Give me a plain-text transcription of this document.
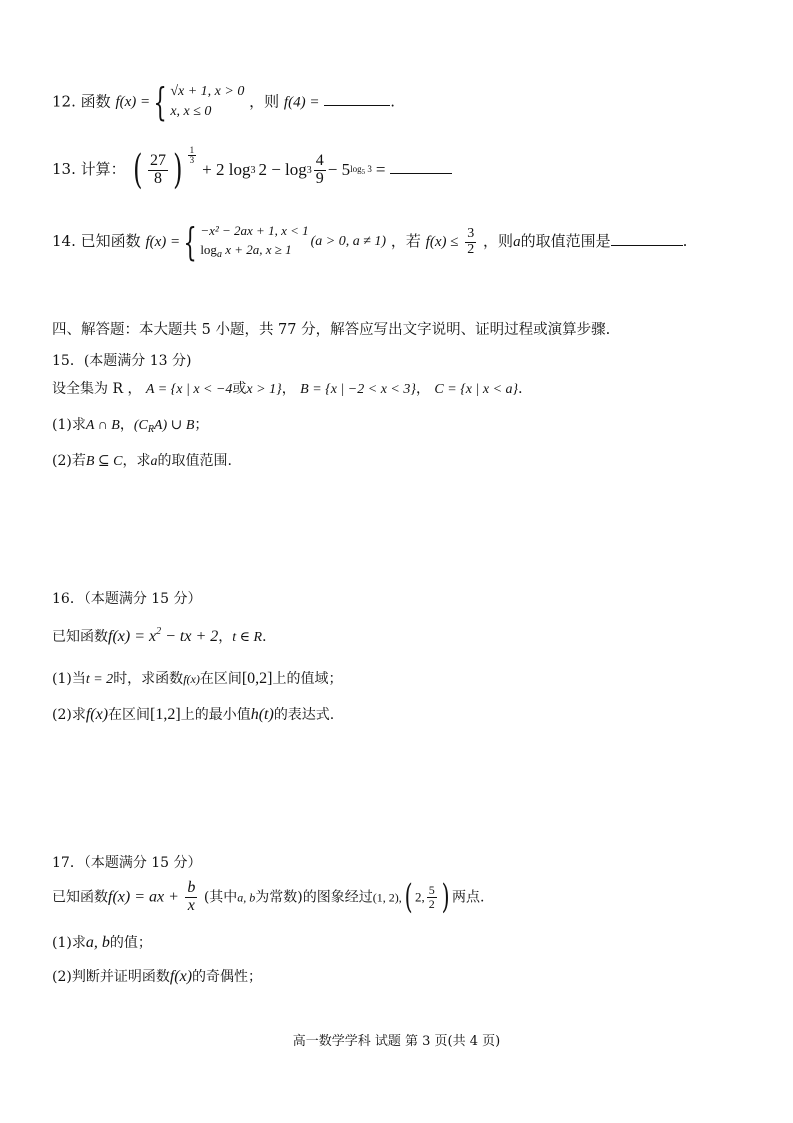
12. 函数 f(x) = { √x + 1, x > 0
x, x ≤ 0
，则 f(4) =	.
13. 计算： ( $\frac{27}{8}$ ) $\frac{1}{3}$
+ 2 log 3 $2 - \log 3 \frac{4}{9} - 5$ $\log_5 3$ =

14. 已知函数 f(x) = { −x² − 2ax + 1, x < 1
$\log_a x + 2a$, x ≥ 1
(a > 0, a ≠ 1) ，若 $f(x) \le \frac{3}{2}$ ，则a的取值范围是	.
四、解答题：本大题共 5 小题，共 77 分，解答应写出文字说明、证明过程或演算步骤.
15．(本题满分 13 分)
设全集为 R ， A = {x | x < −4或x > 1}， B = {x | −2 < x < 3}， C = {x | x < a}．
(1)求A ∩ B，$(C_RA)$ ∪ B；
(2)若B ⊆ C，求a的取值范围.
16．（本题满分 15 分）
已知函数$f(x) = x^2$ − tx + 2，t ∈ R．
(1)当t = 2时，求函数f(x)在区间[0,2]上的值域；
(2)求f(x)在区间[1,2]上的最小值h(t)的表达式.
17．（本题满分 15 分）
已知函数f(x) = ax + $\frac{b}{x}$ (其中a, b为常数)的图象经过(1, 2),( 2, $\frac{5}{2}$ ) 两点.
(1)求a, b的值；
(2)判断并证明函数f(x)的奇偶性；
高一数学学科 试题 第 3 页(共 4 页)
